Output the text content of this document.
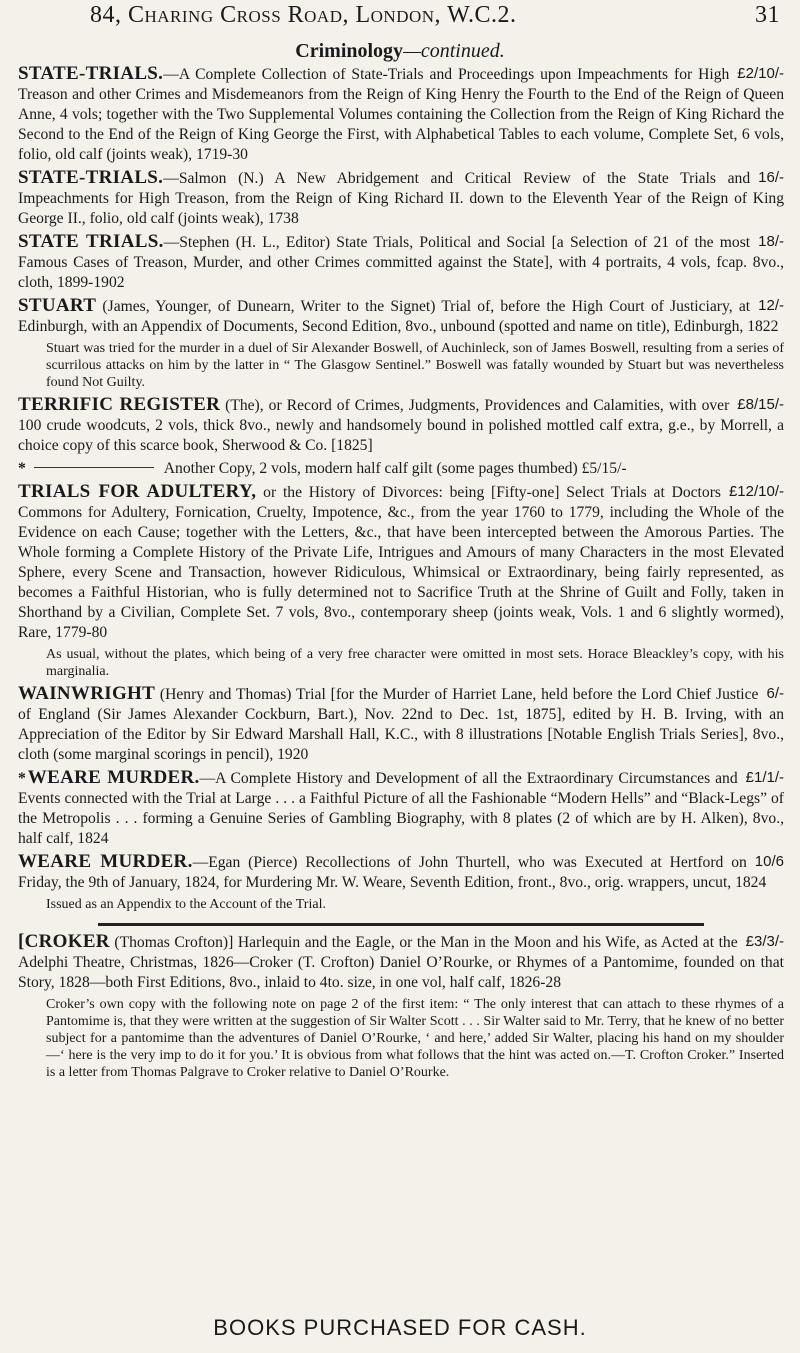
84, Charing Cross Road, London, W.C.2.	31
Criminology—continued.
£2/10/-
STATE-TRIALS.—A Complete Collection of State-Trials and Proceedings upon Impeachments for High Treason and other Crimes and Misdemeanors from the Reign of King Henry the Fourth to the End of the Reign of Queen Anne, 4 vols; together with the Two Supplemental Volumes containing the Collection from the Reign of King Richard the Second to the End of the Reign of King George the First, with Alphabetical Tables to each volume, Complete Set, 6 vols, folio, old calf (joints weak), 1719-30
16/-
STATE-TRIALS.—Salmon (N.) A New Abridgement and Critical Review of the State Trials and Impeachments for High Treason, from the Reign of King Richard II. down to the Eleventh Year of the Reign of King George II., folio, old calf (joints weak), 1738
18/-
STATE TRIALS.—Stephen (H. L., Editor) State Trials, Political and Social [a Selection of 21 of the most Famous Cases of Treason, Murder, and other Crimes committed against the State], with 4 portraits, 4 vols, fcap. 8vo., cloth, 1899-1902
12/-
STUART (James, Younger, of Dunearn, Writer to the Signet) Trial of, before the High Court of Justiciary, at Edinburgh, with an Appendix of Documents, Second Edition, 8vo., unbound (spotted and name on title), Edinburgh, 1822
Stuart was tried for the murder in a duel of Sir Alexander Boswell, of Auchinleck, son of James Boswell, resulting from a series of scurrilous attacks on him by the latter in “ The Glasgow Sentinel.” Boswell was fatally wounded by Stuart but was nevertheless found Not Guilty.
£8/15/-
TERRIFIC REGISTER (The), or Record of Crimes, Judgments, Providences and Calamities, with over 100 crude woodcuts, 2 vols, thick 8vo., newly and handsomely bound in polished mottled calf extra, g.e., by Morrell, a choice copy of this scarce book, Sherwood & Co. [1825]
*	Another Copy, 2 vols, modern half calf gilt (some pages thumbed) £5/15/-
£12/10/-
TRIALS FOR ADULTERY, or the History of Divorces: being [Fifty-one] Select Trials at Doctors Commons for Adultery, Fornication, Cruelty, Impotence, &c., from the year 1760 to 1779, including the Whole of the Evidence on each Cause; together with the Letters, &c., that have been intercepted between the Amorous Parties. The Whole forming a Complete History of the Private Life, Intrigues and Amours of many Characters in the most Elevated Sphere, every Scene and Transaction, however Ridiculous, Whimsical or Extraordinary, being fairly represented, as becomes a Faithful Historian, who is fully determined not to Sacrifice Truth at the Shrine of Guilt and Folly, taken in Shorthand by a Civilian, Complete Set. 7 vols, 8vo., contemporary sheep (joints weak, Vols. 1 and 6 slightly wormed), Rare, 1779-80
As usual, without the plates, which being of a very free character were omitted in most sets. Horace Bleackley’s copy, with his marginalia.
6/-
WAINWRIGHT (Henry and Thomas) Trial [for the Murder of Harriet Lane, held before the Lord Chief Justice of England (Sir James Alexander Cockburn, Bart.), Nov. 22nd to Dec. 1st, 1875], edited by H. B. Irving, with an Appreciation of the Editor by Sir Edward Marshall Hall, K.C., with 8 illustrations [Notable English Trials Series], 8vo., cloth (some marginal scorings in pencil), 1920
£1/1/-
* WEARE MURDER.—A Complete History and Development of all the Extraordinary Circumstances and Events connected with the Trial at Large . . . a Faithful Picture of all the Fashionable “Modern Hells” and “Black-Legs” of the Metropolis . . . forming a Genuine Series of Gambling Biography, with 8 plates (2 of which are by H. Alken), 8vo., half calf, 1824
10/6
WEARE MURDER.—Egan (Pierce) Recollections of John Thurtell, who was Executed at Hertford on Friday, the 9th of January, 1824, for Murdering Mr. W. Weare, Seventh Edition, front., 8vo., orig. wrappers, uncut, 1824
Issued as an Appendix to the Account of the Trial.
£3/3/-
[CROKER (Thomas Crofton)] Harlequin and the Eagle, or the Man in the Moon and his Wife, as Acted at the Adelphi Theatre, Christmas, 1826—Croker (T. Crofton) Daniel O’Rourke, or Rhymes of a Pantomime, founded on that Story, 1828—both First Editions, 8vo., inlaid to 4to. size, in one vol, half calf, 1826-28
Croker’s own copy with the following note on page 2 of the first item: “ The only interest that can attach to these rhymes of a Pantomime is, that they were written at the suggestion of Sir Walter Scott . . . Sir Walter said to Mr. Terry, that he knew of no better subject for a pantomime than the adventures of Daniel O’Rourke, ‘ and here,’ added Sir Walter, placing his hand on my shoulder—‘ here is the very imp to do it for you.’ It is obvious from what follows that the hint was acted on.—T. Crofton Croker.” Inserted is a letter from Thomas Palgrave to Croker relative to Daniel O’Rourke.
BOOKS PURCHASED FOR CASH.
